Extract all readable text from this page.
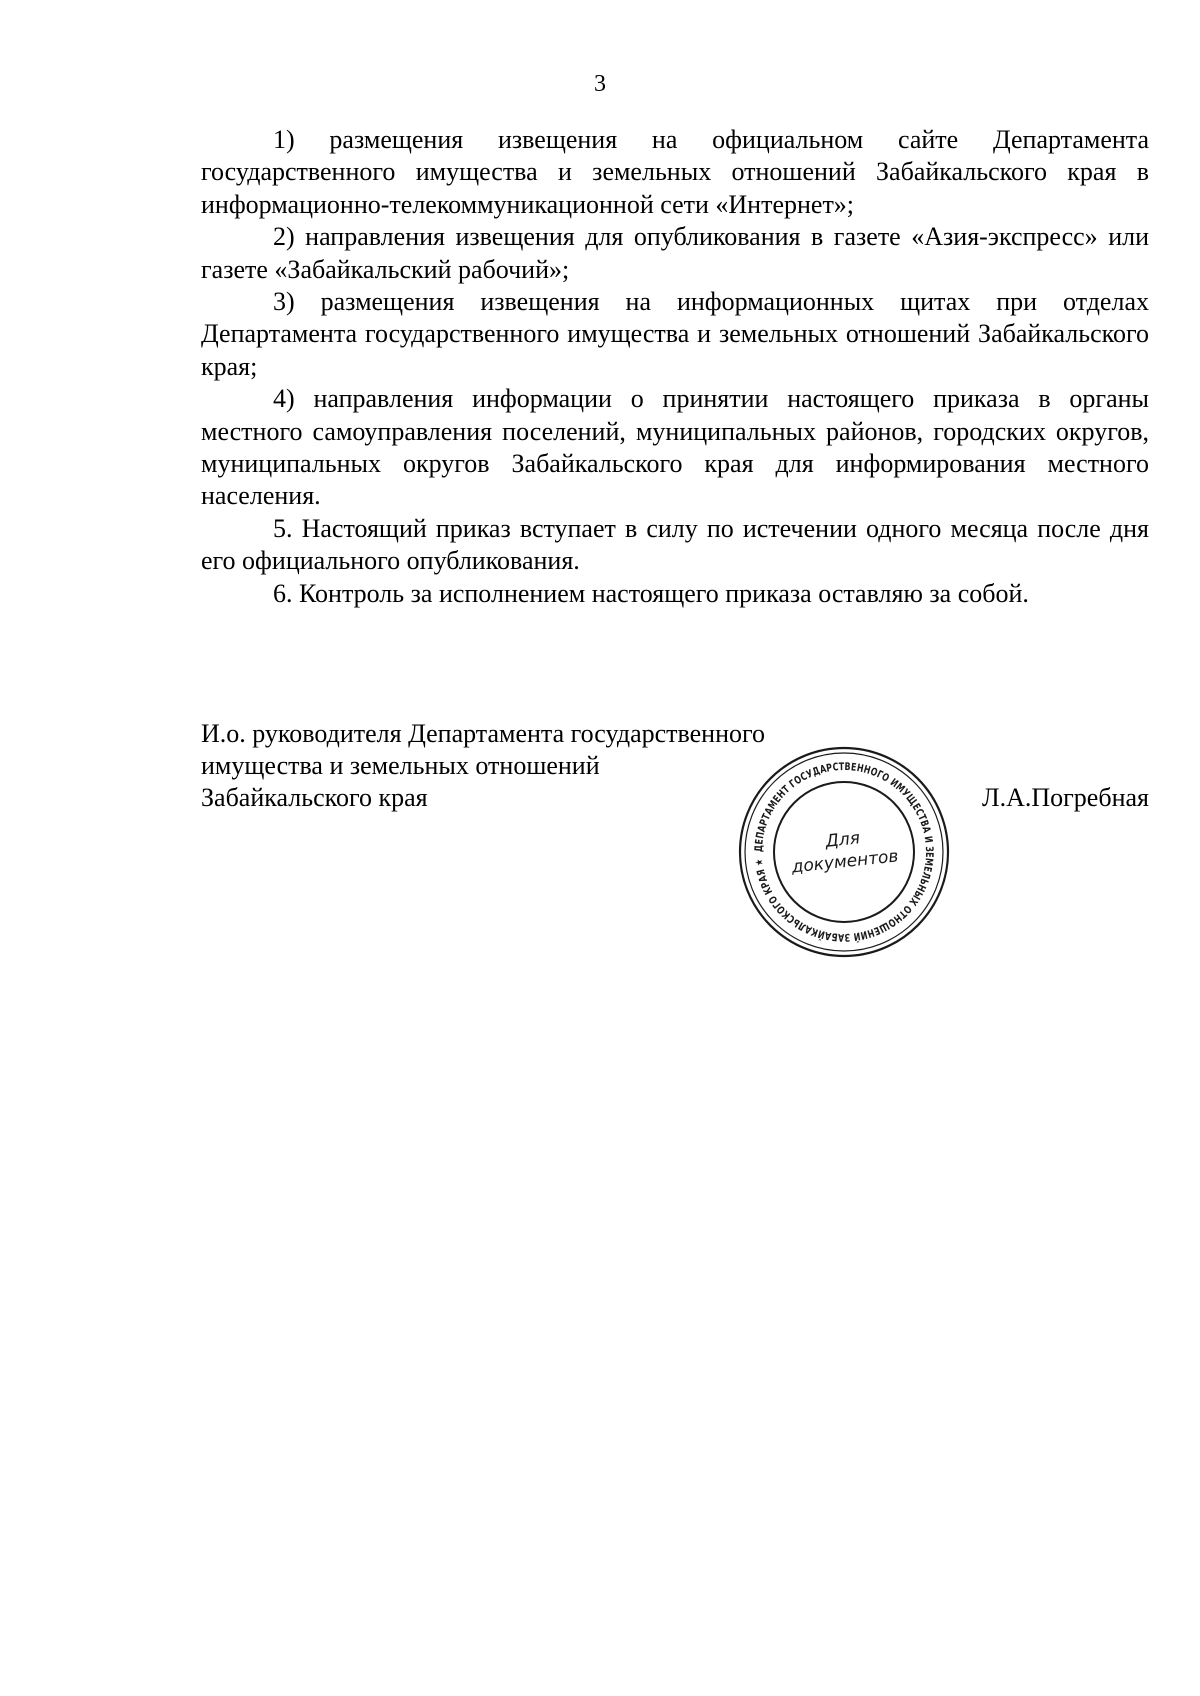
3

1) размещения извещения на официальном сайте Департамента государственного имущества и земельных отношений Забайкальского края в информационно-телекоммуникационной сети «Интернет»;

2) направления извещения для опубликования в газете «Азия-экспресс» или газете «Забайкальский рабочий»;

3) размещения извещения на информационных щитах при отделах Департамента государственного имущества и земельных отношений Забайкальского края;

4) направления информации о принятии настоящего приказа в органы местного самоуправления поселений, муниципальных районов, городских округов, муниципальных округов Забайкальского края для информирования местного населения.

5. Настоящий приказ вступает в силу по истечении одного месяца после дня его официального опубликования.

6. Контроль за исполнением настоящего приказа оставляю за собой.

И.о. руководителя Департамента государственного
имущества и земельных отношений
Забайкальского края	Л.А.Погребная
ДЕПАРТАМЕНТ ГОСУДАРСТВЕННОГО ИМУЩЕСТВА И ЗЕМЕЛЬНЫХ ОТНОШЕНИЙ ЗАБАЙКАЛЬСКОГО КРАЯ ★
Для
документов
